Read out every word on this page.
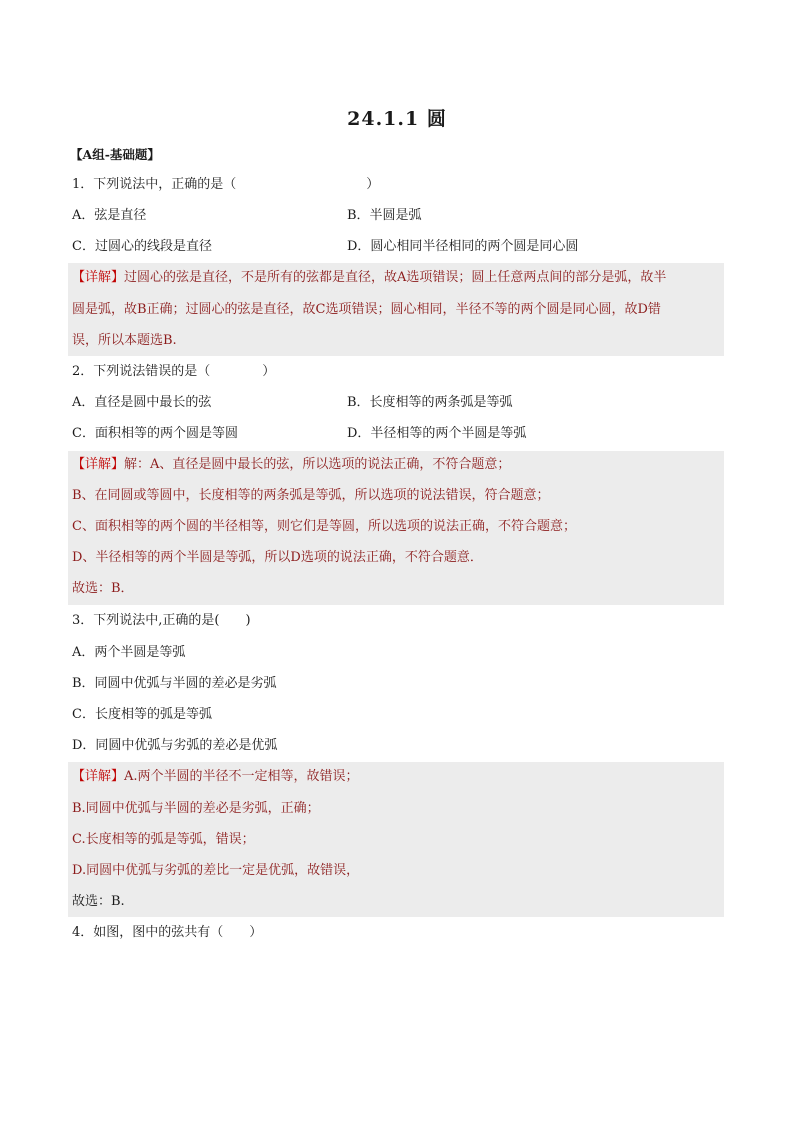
24.1.1 圆
【A组-基础题】
1．下列说法中，正确的是（　　　　　　　　　　）
A．弦是直径	B．半圆是弧
C．过圆心的线段是直径	D．圆心相同半径相同的两个圆是同心圆
【详解】过圆心的弦是直径，不是所有的弦都是直径，故A选项错误；圆上任意两点间的部分是弧，故半
圆是弧，故B正确；过圆心的弦是直径，故C选项错误；圆心相同，半径不等的两个圆是同心圆，故D错
误，所以本题选B.
2．下列说法错误的是（　　　　）
A．直径是圆中最长的弦	B．长度相等的两条弧是等弧
C．面积相等的两个圆是等圆	D．半径相等的两个半圆是等弧
【详解】解：A、直径是圆中最长的弦，所以选项的说法正确，不符合题意；
B、在同圆或等圆中，长度相等的两条弧是等弧，所以选项的说法错误，符合题意；
C、面积相等的两个圆的半径相等，则它们是等圆，所以选项的说法正确，不符合题意；
D、半径相等的两个半圆是等弧，所以D选项的说法正确，不符合题意．
故选：B．
3．下列说法中,正确的是(　　)
A．两个半圆是等弧
B．同圆中优弧与半圆的差必是劣弧
C．长度相等的弧是等弧
D．同圆中优弧与劣弧的差必是优弧
【详解】A.两个半圆的半径不一定相等，故错误；
B.同圆中优弧与半圆的差必是劣弧，正确；
C.长度相等的弧是等弧，错误；
D.同圆中优弧与劣弧的差比一定是优弧，故错误，
故选：B.
4．如图，图中的弦共有（　　）
